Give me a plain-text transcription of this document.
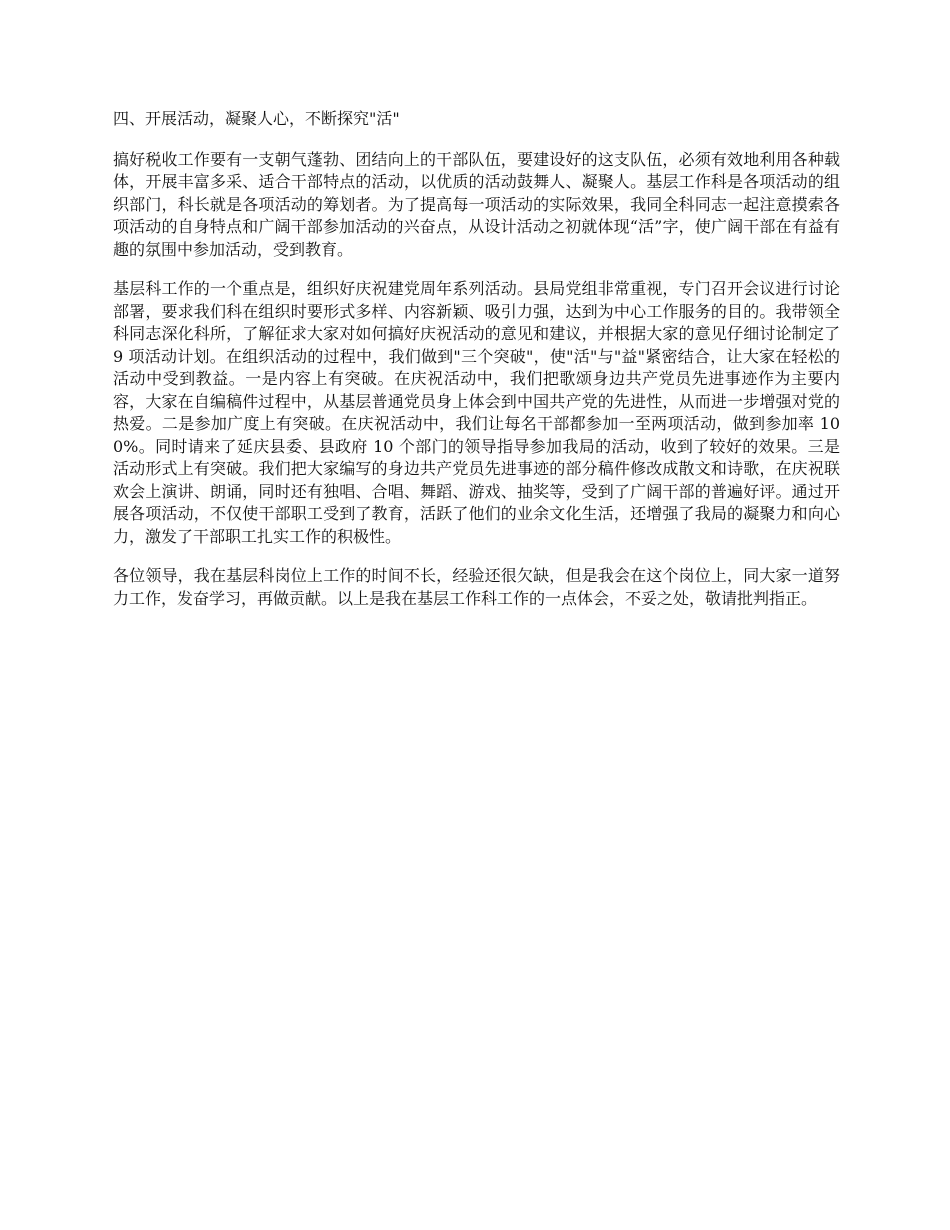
四、开展活动，凝聚人心，不断探究"活"

搞好税收工作要有一支朝气蓬勃、团结向上的干部队伍，要建设好的这支队伍，必须有效地利用各种载体，开展丰富多采、适合干部特点的活动，以优质的活动鼓舞人、凝聚人。基层工作科是各项活动的组织部门，科长就是各项活动的筹划者。为了提高每一项活动的实际效果，我同全科同志一起注意摸索各项活动的自身特点和广阔干部参加活动的兴奋点，从设计活动之初就体现“活”字，使广阔干部在有益有趣的氛围中参加活动，受到教育。

基层科工作的一个重点是，组织好庆祝建党周年系列活动。县局党组非常重视，专门召开会议进行讨论部署，要求我们科在组织时要形式多样、内容新颖、吸引力强，达到为中心工作服务的目的。我带领全科同志深化科所，了解征求大家对如何搞好庆祝活动的意见和建议，并根据大家的意见仔细讨论制定了 9 项活动计划。在组织活动的过程中，我们做到"三个突破"，使"活"与"益"紧密结合，让大家在轻松的活动中受到教益。一是内容上有突破。在庆祝活动中，我们把歌颂身边共产党员先进事迹作为主要内容，大家在自编稿件过程中，从基层普通党员身上体会到中国共产党的先进性，从而进一步增强对党的热爱。二是参加广度上有突破。在庆祝活动中，我们让每名干部都参加一至两项活动，做到参加率 100%。同时请来了延庆县委、县政府 10 个部门的领导指导参加我局的活动，收到了较好的效果。三是活动形式上有突破。我们把大家编写的身边共产党员先进事迹的部分稿件修改成散文和诗歌，在庆祝联欢会上演讲、朗诵，同时还有独唱、合唱、舞蹈、游戏、抽奖等，受到了广阔干部的普遍好评。通过开展各项活动，不仅使干部职工受到了教育，活跃了他们的业余文化生活，还增强了我局的凝聚力和向心力，激发了干部职工扎实工作的积极性。

各位领导，我在基层科岗位上工作的时间不长，经验还很欠缺，但是我会在这个岗位上，同大家一道努力工作，发奋学习，再做贡献。以上是我在基层工作科工作的一点体会，不妥之处，敬请批判指正。
